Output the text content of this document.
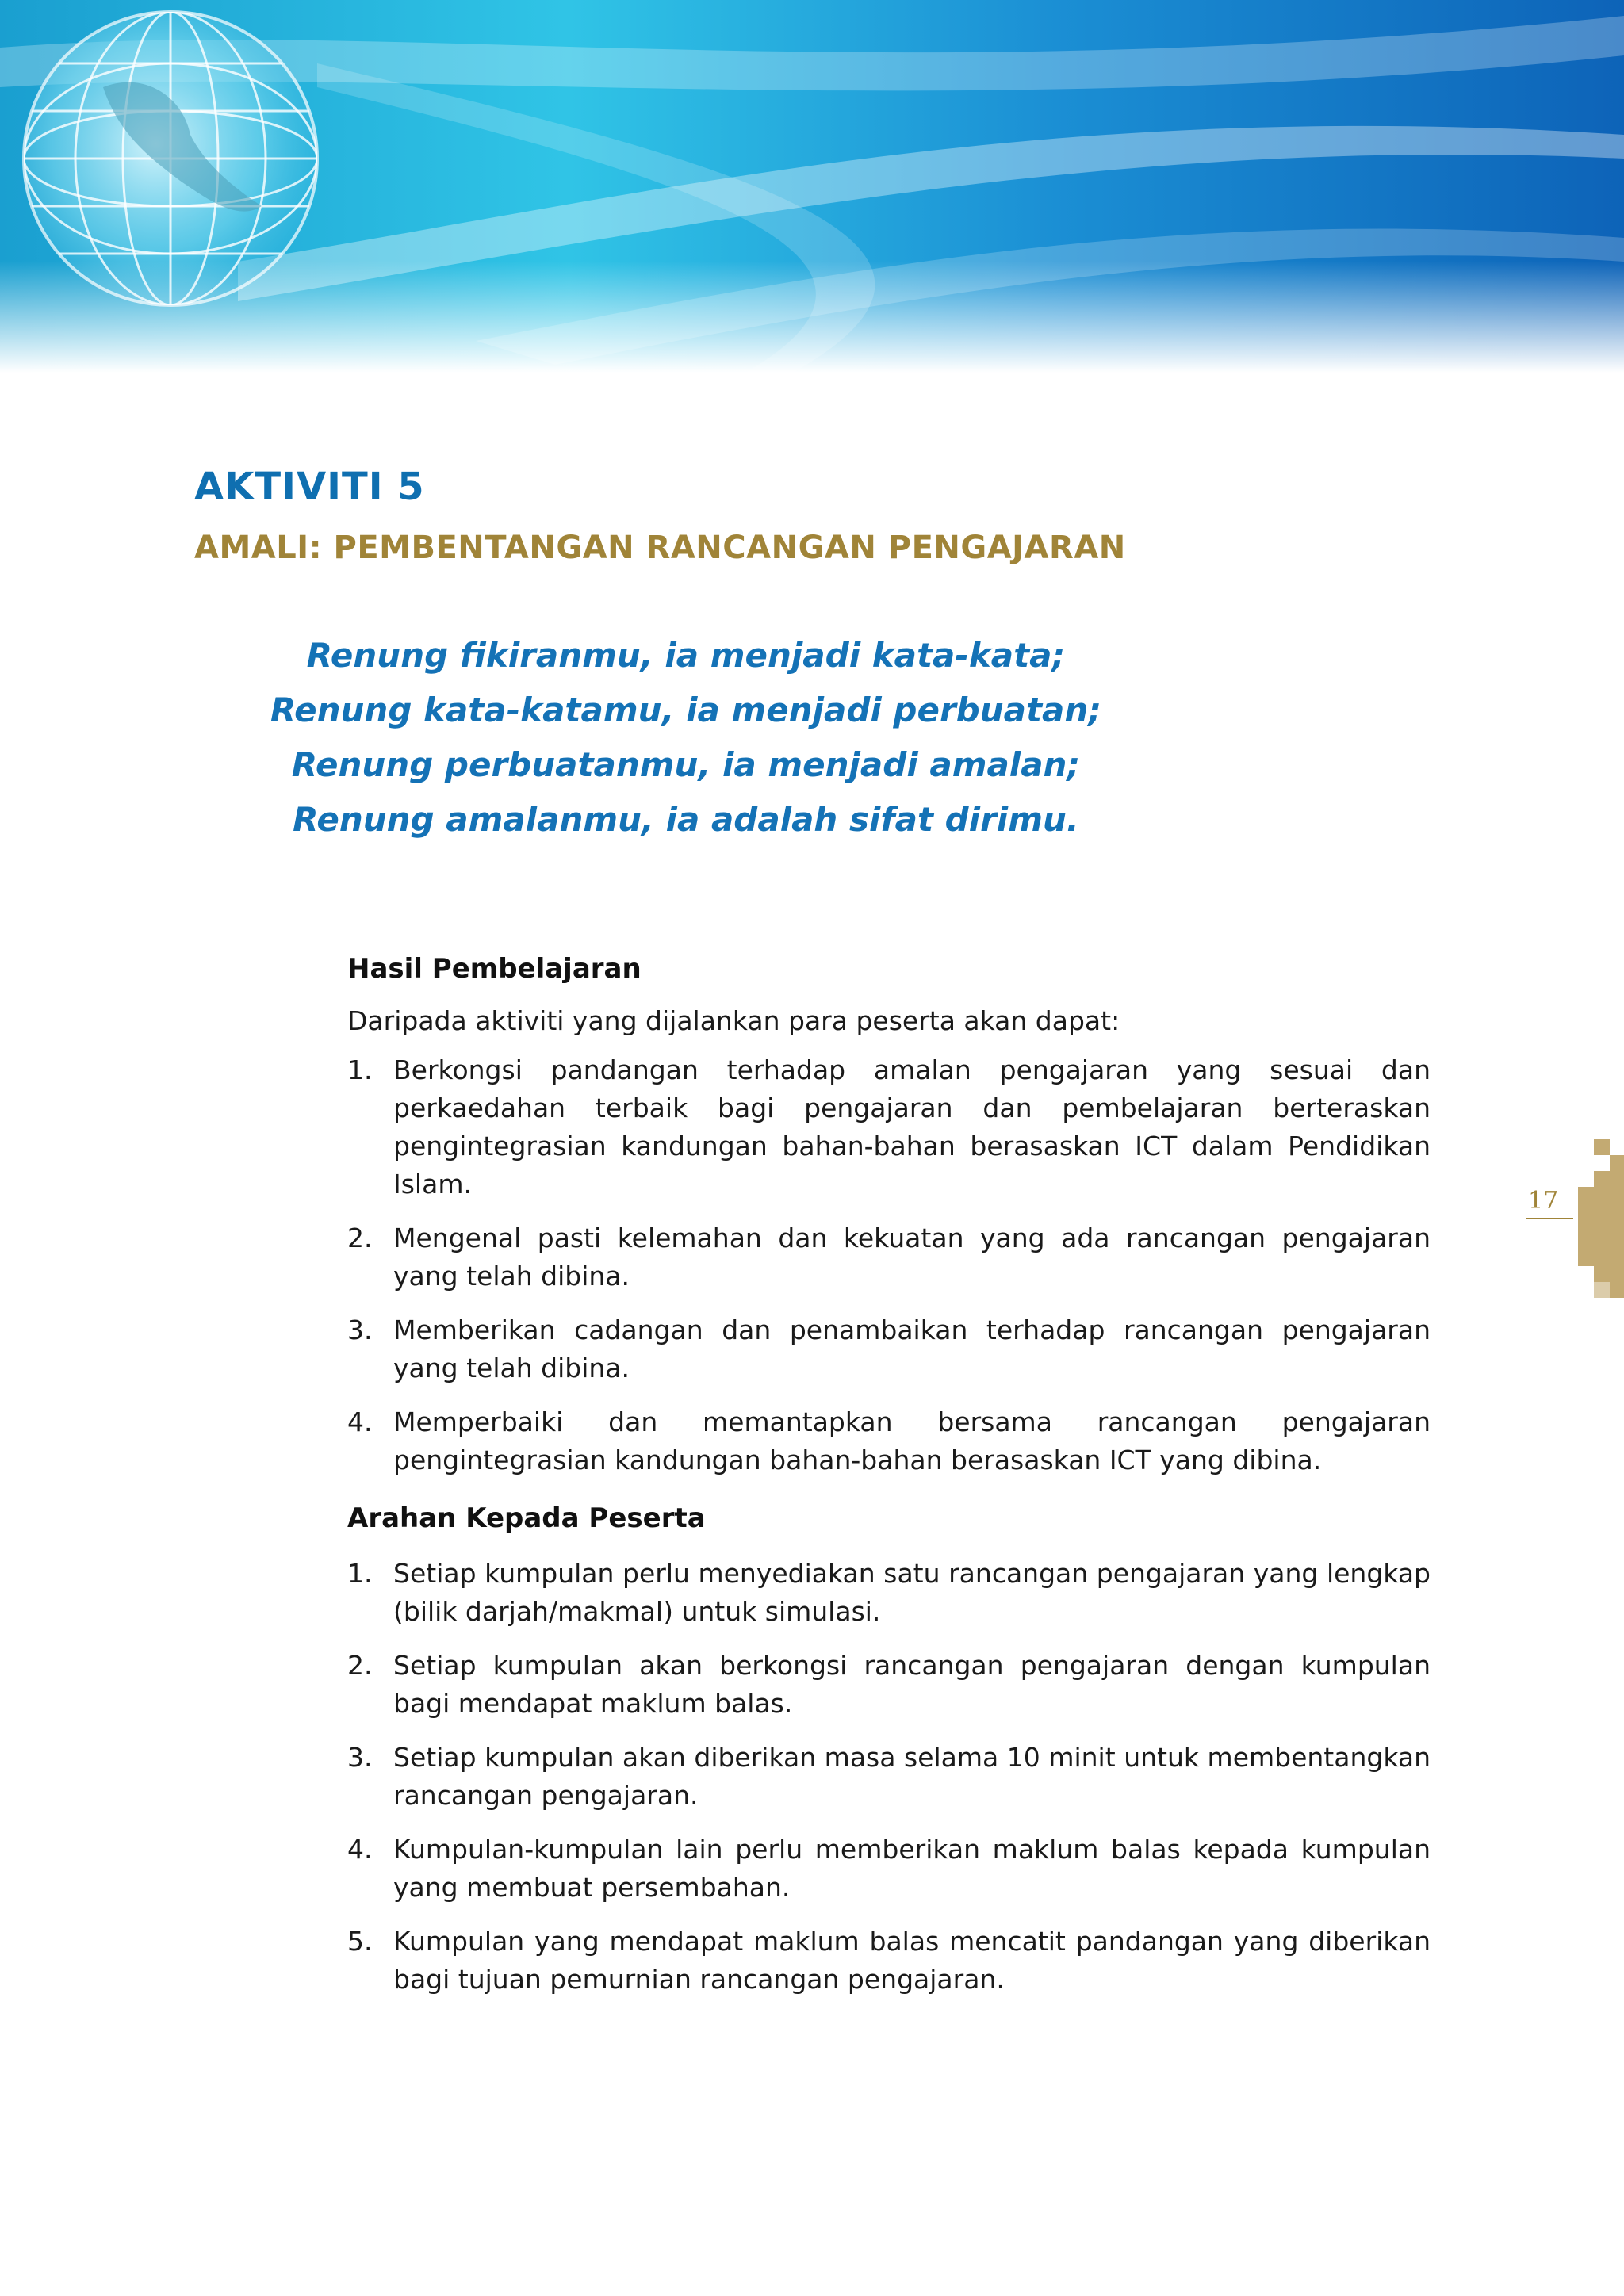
AKTIVITI 5
AMALI: PEMBENTANGAN RANCANGAN PENGAJARAN
Renung fikiranmu, ia menjadi kata-kata;
Renung kata-katamu, ia menjadi perbuatan;
Renung perbuatanmu, ia menjadi amalan;
Renung amalanmu, ia adalah sifat dirimu.
Hasil Pembelajaran
Daripada aktiviti yang dijalankan para peserta akan dapat:
1. Berkongsi pandangan terhadap amalan pengajaran yang sesuai dan perkaedahan terbaik bagi pengajaran dan pembelajaran berteraskan pengintegrasian kandungan bahan-bahan berasaskan ICT dalam Pendidikan Islam.
2. Mengenal pasti kelemahan dan kekuatan yang ada rancangan pengajaran yang telah dibina.
3. Memberikan cadangan dan penambaikan terhadap rancangan pengajaran yang telah dibina.
4. Memperbaiki dan memantapkan bersama rancangan pengajaran pengintegrasian kandungan bahan-bahan berasaskan ICT yang dibina.
Arahan Kepada Peserta
1. Setiap kumpulan perlu menyediakan satu rancangan pengajaran yang lengkap (bilik darjah/makmal) untuk simulasi.
2. Setiap kumpulan akan berkongsi rancangan pengajaran dengan kumpulan bagi mendapat maklum balas.
3. Setiap kumpulan akan diberikan masa selama 10 minit untuk membentangkan rancangan pengajaran.
4. Kumpulan-kumpulan lain perlu memberikan maklum balas kepada kumpulan yang membuat persembahan.
5. Kumpulan yang mendapat maklum balas mencatit pandangan yang diberikan bagi tujuan pemurnian rancangan pengajaran.
17
